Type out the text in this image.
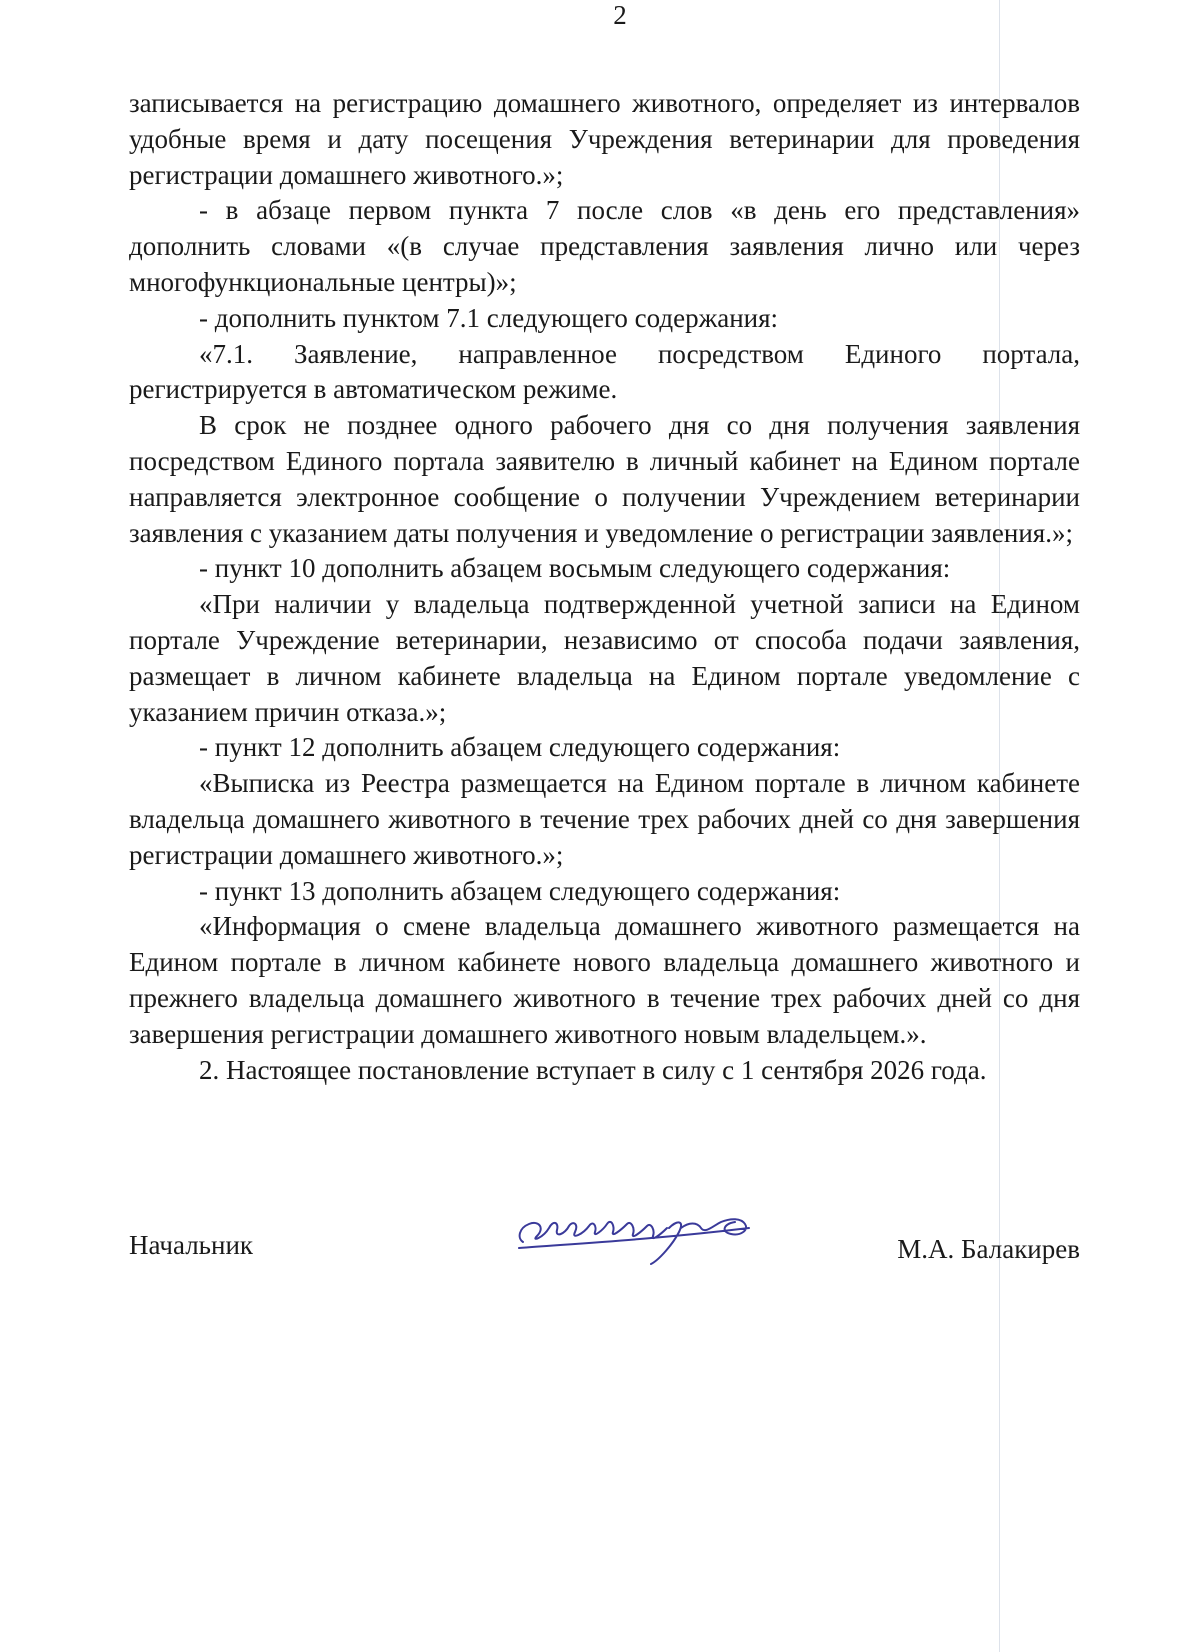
2

записывается на регистрацию домашнего животного, определяет из интервалов удобные время и дату посещения Учреждения ветеринарии для проведения регистрации домашнего животного.»;

- в абзаце первом пункта 7 после слов «в день его представления» дополнить словами «(в случае представления заявления лично или через многофункциональные центры)»;

- дополнить пунктом 7.1 следующего содержания:

«7.1. Заявление, направленное посредством Единого портала, регистрируется в автоматическом режиме.

В срок не позднее одного рабочего дня со дня получения заявления посредством Единого портала заявителю в личный кабинет на Едином портале направляется электронное сообщение о получении Учреждением ветеринарии заявления с указанием даты получения и уведомление о регистрации заявления.»;

- пункт 10 дополнить абзацем восьмым следующего содержания:

«При наличии у владельца подтвержденной учетной записи на Едином портале Учреждение ветеринарии, независимо от способа подачи заявления, размещает в личном кабинете владельца на Едином портале уведомление с указанием причин отказа.»;

- пункт 12 дополнить абзацем следующего содержания:

«Выписка из Реестра размещается на Едином портале в личном кабинете владельца домашнего животного в течение трех рабочих дней со дня завершения регистрации домашнего животного.»;

- пункт 13 дополнить абзацем следующего содержания:

«Информация о смене владельца домашнего животного размещается на Едином портале в личном кабинете нового владельца домашнего животного и прежнего владельца домашнего животного в течение трех рабочих дней со дня завершения регистрации домашнего животного новым владельцем.».

2. Настоящее постановление вступает в силу с 1 сентября 2026 года.

Начальник	М.А. Балакирев
